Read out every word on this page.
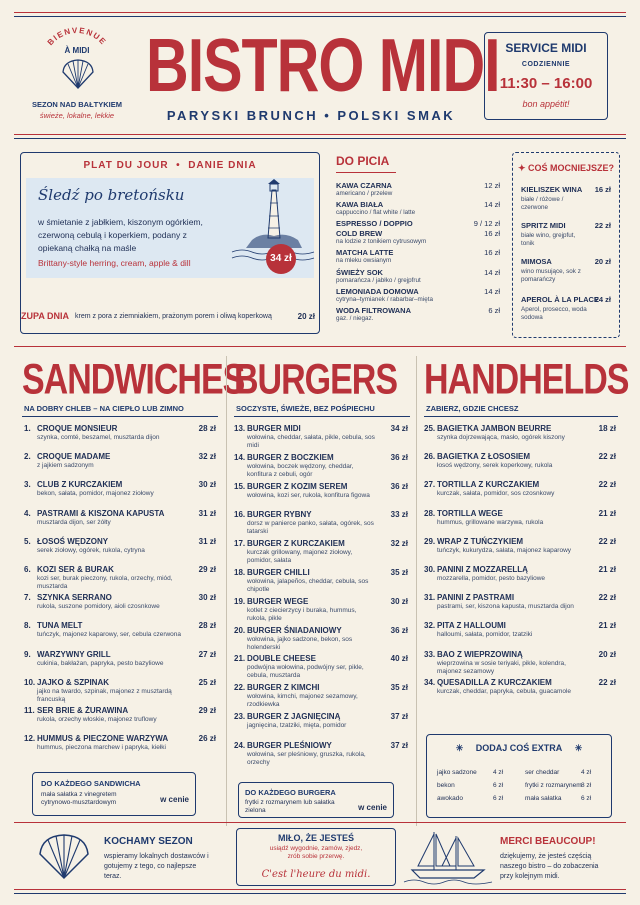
BIENVENUE
À MIDI
SEZON NAD BAŁTYKIEM
świeże, lokalne, lekkie
BISTRO MIDI
PARYSKI BRUNCH • POLSKI SMAK
SERVICE MIDI
CODZIENNIE
11:30 – 16:00
bon appétit!
PLAT DU JOUR  •  DANIE DNIA
Śledź po bretońsku
w śmietanie z jabłkiem, kiszonym ogórkiem,
czerwoną cebulą i koperkiem, podany z
opiekaną chałką na maśle
Brittany-style herring, cream, apple & dill	34 zł
ZUPA DNIA krem z pora z ziemniakiem, prażonym porem i oliwą koperkową	20 zł
DO PICIA
KAWA CZARNA	12 zł
americano / przelew
KAWA BIAŁA	14 zł
cappuccino / flat white / latte
ESPRESSO / DOPPIO	9 / 12 zł
COLD BREW	16 zł
na lodzie z tonikiem cytrusowym
MATCHA LATTE	16 zł
na mleku owsianym
ŚWIEŻY SOK	14 zł
pomarańcza / jabłko / grejpfrut
LEMONIADA DOMOWA	14 zł
cytryna–tymianek / rabarbar–mięta
WODA FILTROWANA	6 zł
gaz. / niegaz.
✦ COŚ MOCNIEJSZE?
KIELISZEK WINA 16 zł
białe / różowe / czerwone
SPRITZ MIDI	22 zł
białe wino, grejpfut, tonik
MIMOSA	20 zł
wino musujące, sok z pomarańczy
APEROL À LA PLACE
24 zł
Aperol, prosecco, woda sodowa
SANDWICHES
NA DOBRY CHLEB – NA CIEPŁO LUB ZIMNO
BURGERS
SOCZYSTE, ŚWIEŻE, BEZ POŚPIECHU
HANDHELDS
ZABIERZ, GDZIE CHCESZ
1. CROQUE MONSIEUR	28 zł
szynka, comté, beszamel, musztarda dijon
2. CROQUE MADAME	32 zł
z jajkiem sadzonym
3. CLUB Z KURCZAKIEM	30 zł
bekon, sałata, pomidor, majonez ziołowy
4. PASTRAMI & KISZONA KAPUSTA	31 zł
musztarda dijon, ser żółty
5. ŁOSOŚ WĘDZONY	31 zł
serek ziołowy, ogórek, rukola, cytryna
6. KOZI SER & BURAK	29 zł
kozi ser, burak pieczony, rukola, orzechy, miód, musztarda
7. SZYNKA SERRANO	30 zł
rukola, suszone pomidory, aioli czosnkowe
8. TUNA MELT	28 zł
tuńczyk, majonez kaparowy, ser, cebula czerwona
9. WARZYWNY GRILL	27 zł
cukinia, bakłażan, papryka, pesto bazyliowe
10. JAJKO & SZPINAK	25 zł
jajko na twardo, szpinak, majonez z musztardą francuską
11. SER BRIE & ŻURAWINA	29 zł
rukola, orzechy włoskie, majonez truflowy
12. HUMMUS & PIECZONE WARZYWA	26 zł
hummus, pieczona marchew i papryka, kiełki
13. BURGER MIDI	34 zł
wołowina, cheddar, sałata, pikle, cebula, sos midi
14. BURGER Z BOCZKIEM	36 zł
wołowina, boczek wędzony, cheddar, konfitura z cebuli, ogór
15. BURGER Z KOZIM SEREM	36 zł
wołowina, kozi ser, rukola, konfitura figowa
16. BURGER RYBNY	33 zł
dorsz w panierce panko, sałata, ogórek, sos tatarski
17. BURGER Z KURCZAKIEM	32 zł
kurczak grillowany, majonez ziołowy, pomidor, sałata
18. BURGER CHILLI	35 zł
wołowina, jalapeños, cheddar, cebula, sos chipotle
19. BURGER WEGE	30 zł
kotlet z ciecierzycy i buraka, hummus, rukola, pikle
20. BURGER ŚNIADANIOWY	36 zł
wołowina, jajko sadzone, bekon, sos holenderski
21. DOUBLE CHEESE	40 zł
podwójna wołowina, podwójny ser, pikle, cebula, musztarda
22. BURGER Z KIMCHI	35 zł
wołowina, kimchi, majonez sezamowy, rzodkiewka
23. BURGER Z JAGNIĘCINĄ	37 zł
jagnięcina, tzatziki, mięta, pomidor
24. BURGER PLEŚNIOWY	37 zł
wołowina, ser pleśniowy, gruszka, rukola, orzechy
25. BAGIETKA JAMBON BEURRE	18 zł
szynka dojrzewająca, masło, ogórek kiszony
26. BAGIETKA Z ŁOSOSIEM	22 zł
łosoś wędzony, serek koperkowy, rukola
27. TORTILLA Z KURCZAKIEM	22 zł
kurczak, sałata, pomidor, sos czosnkowy
28. TORTILLA WEGE	21 zł
hummus, grillowane warzywa, rukola
29. WRAP Z TUŃCZYKIEM	22 zł
tuńczyk, kukurydza, sałata, majonez kaparowy
30. PANINI Z MOZZARELLĄ	21 zł
mozzarella, pomidor, pesto bazyliowe
31. PANINI Z PASTRAMI	22 zł
pastrami, ser, kiszona kapusta, musztarda dijon
32. PITA Z HALLOUMI	21 zł
halloumi, sałata, pomidor, tzatziki
33. BAO Z WIEPRZOWINĄ	20 zł
wieprzowina w sosie teriyaki, pikle, kolendra, majonez sezamowy
34. QUESADILLA Z KURCZAKIEM	22 zł
kurczak, cheddar, papryka, cebula, guacamole
DO KAŻDEGO SANDWICHA
mała sałatka z vinegretem cytrynowo-musztardowym	w cenie
DO KAŻDEGO BURGERA
frytki z rozmarynem lub sałatka zielona	w cenie
✳     DODAJ COŚ EXTRA     ✳
jajko sadzone	4 zł	ser cheddar	4 zł
bekon	6 zł	frytki z rozmarynem 8 zł
awokado	6 zł	mała sałatka	6 zł
KOCHAMY SEZON
wspieramy lokalnych dostawców i gotujemy z tego, co najlepsze teraz.
MIŁO, ŻE JESTEŚ
usiądź wygodnie, zamów, zjedz, zrób sobie przerwę.
C'est l'heure du midi.
MERCI BEAUCOUP!
dziękujemy, że jesteś częścią naszego bistro – do zobaczenia przy kolejnym midi.
